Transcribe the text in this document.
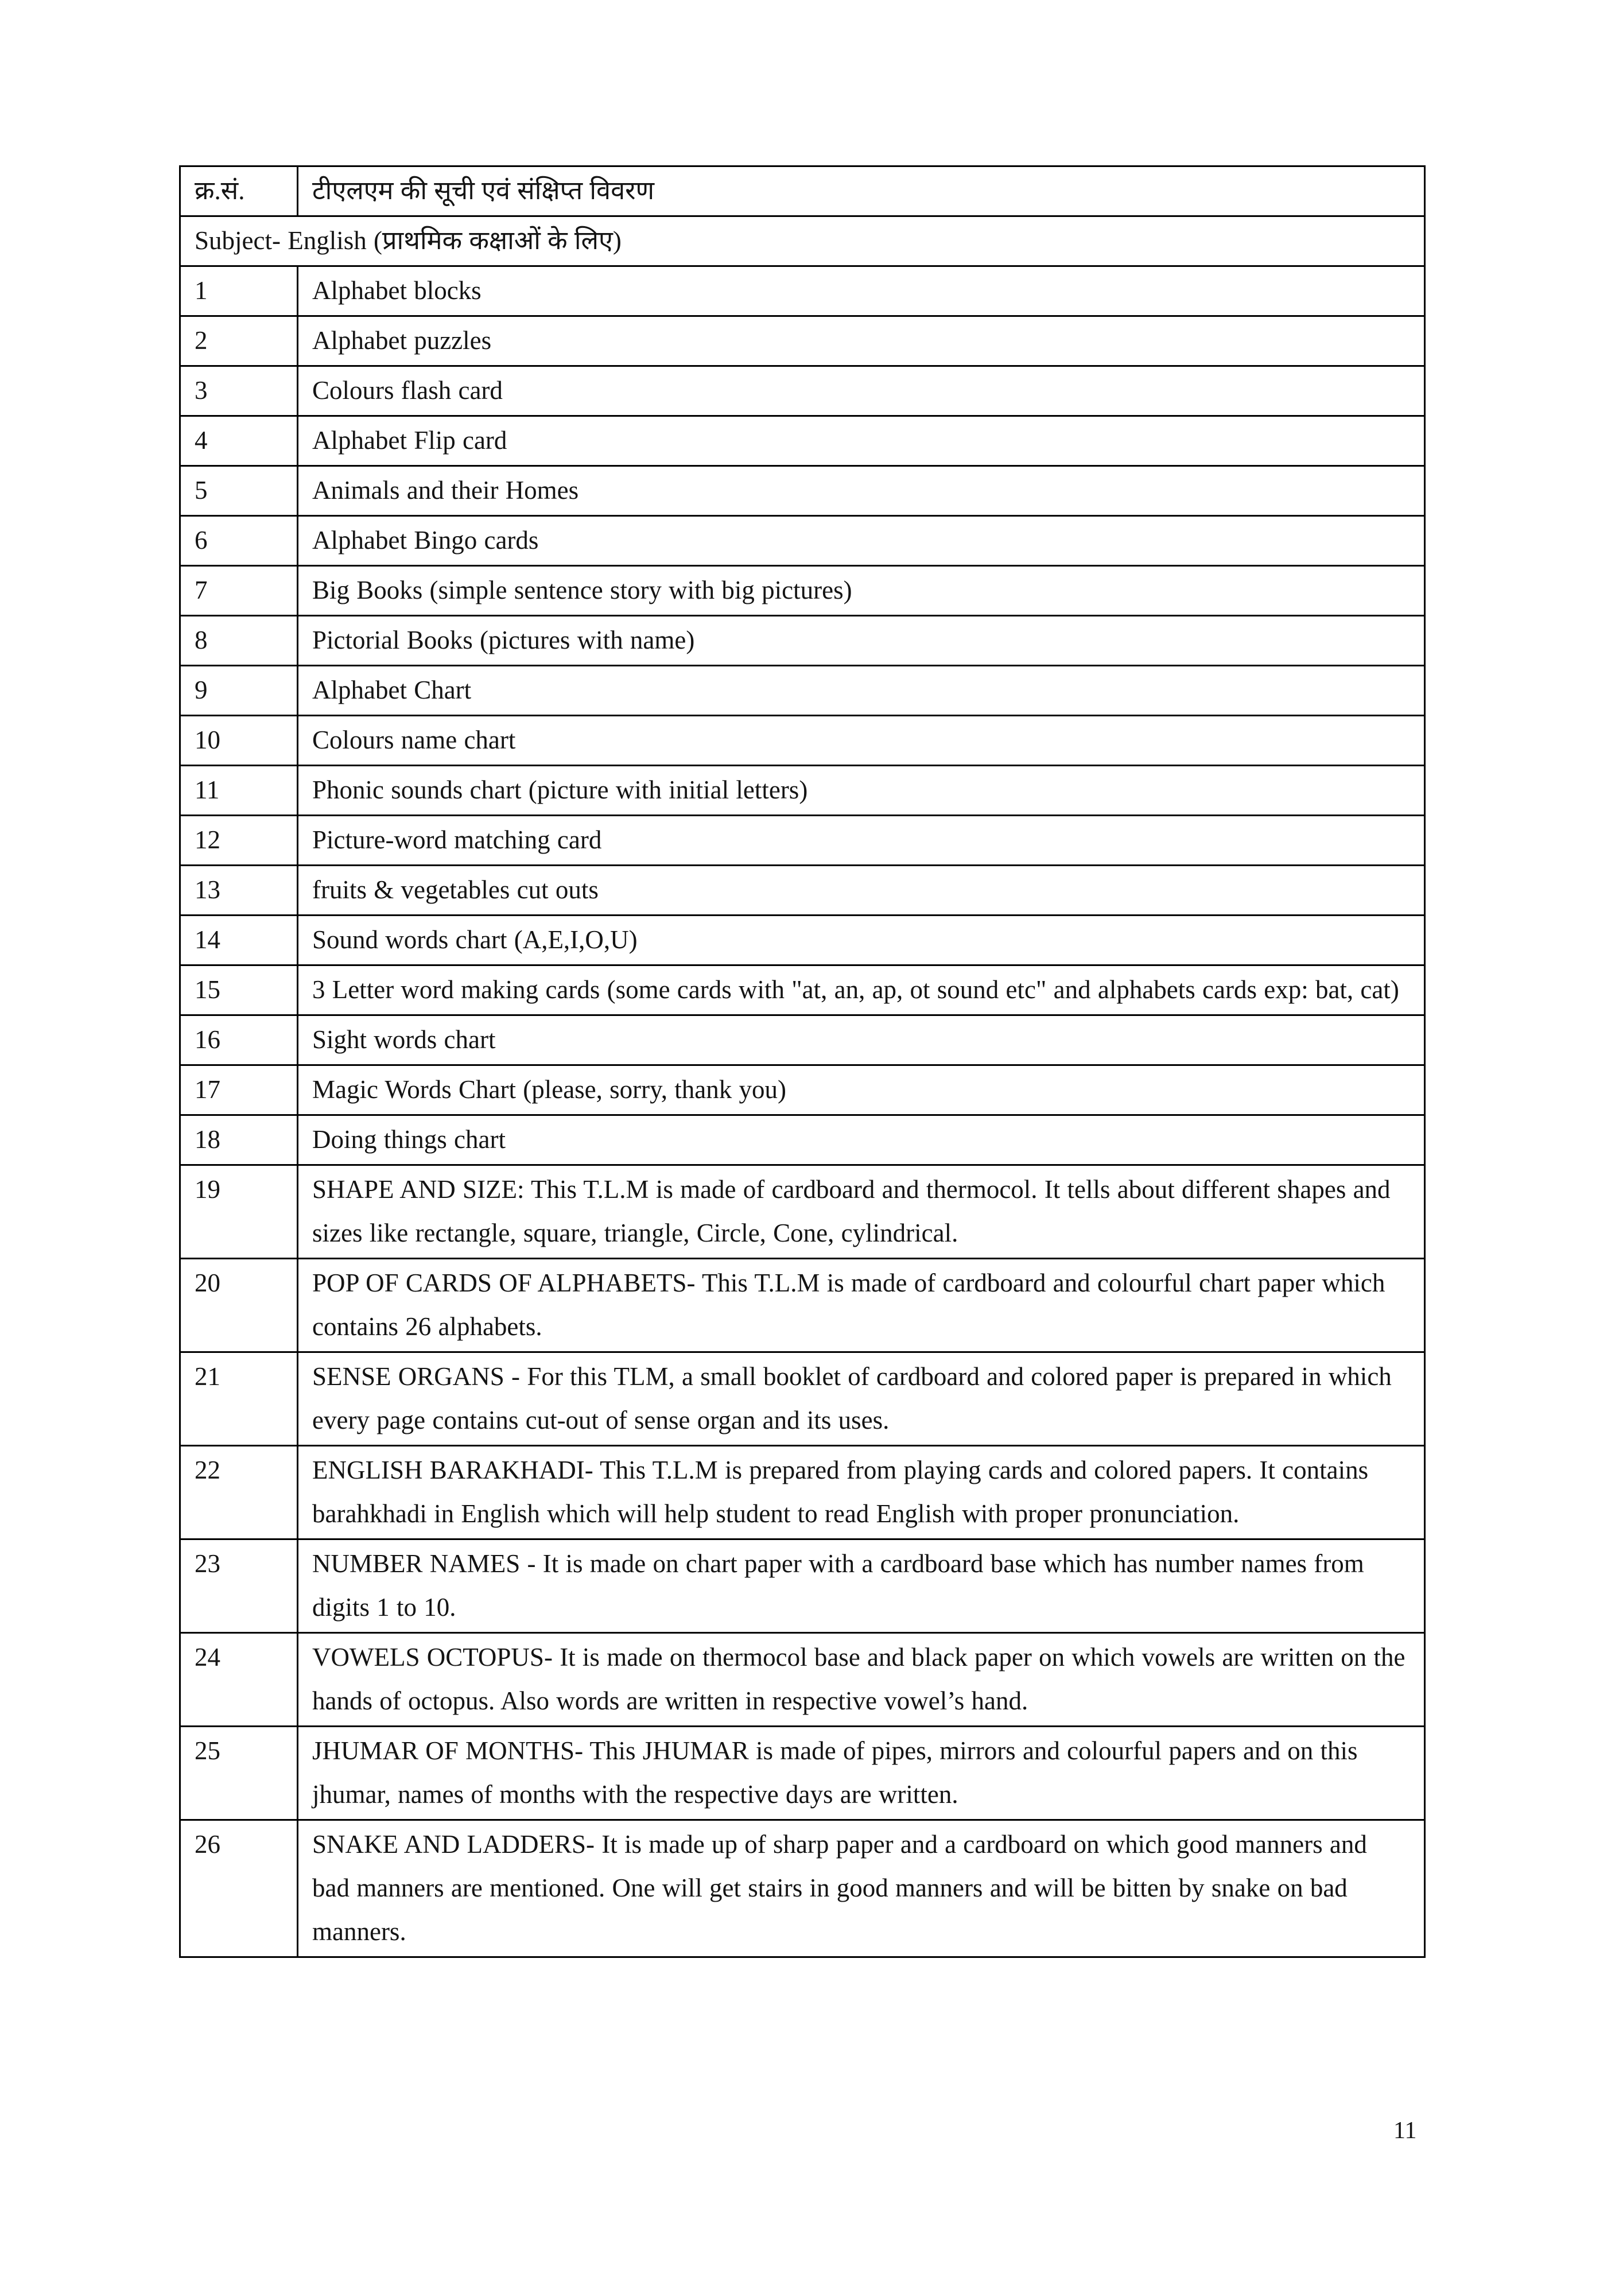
क्र.सं.	टीएलएम की सूची एवं संक्षिप्त विवरण
Subject- English (प्राथमिक कक्षाओं के लिए)	
1	Alphabet blocks
2	Alphabet puzzles
3	Colours flash card
4	Alphabet Flip card
5	Animals and their Homes
6	Alphabet Bingo cards
7	Big Books (simple sentence story with big pictures)
8	Pictorial Books (pictures with name)
9	Alphabet Chart
10	Colours name chart
11	Phonic sounds chart (picture with initial letters)
12	Picture-word matching card
13	fruits & vegetables cut outs
14	Sound words chart (A,E,I,O,U)
15	3 Letter word making cards (some cards with "at, an, ap, ot sound etc" and alphabets cards exp: bat, cat)
16	Sight words chart
17	Magic Words Chart (please, sorry, thank you)
18	Doing things chart
19	SHAPE AND SIZE: This T.L.M is made of cardboard and thermocol. It tells about different shapes and sizes like rectangle, square, triangle, Circle, Cone, cylindrical.
20	POP OF CARDS OF ALPHABETS- This T.L.M is made of cardboard and colourful chart paper which contains 26 alphabets.
21	SENSE ORGANS - For this TLM, a small booklet of cardboard and colored paper is prepared in which every page contains cut-out of sense organ and its uses.
22	ENGLISH BARAKHADI- This T.L.M is prepared from playing cards and colored papers. It contains barahkhadi in English which will help student to read English with proper pronunciation.
23	NUMBER NAMES - It is made on chart paper with a cardboard base which has number names from digits 1 to 10.
24	VOWELS OCTOPUS- It is made on thermocol base and black paper on which vowels are written on the hands of octopus. Also words are written in respective vowel’s hand.
25	JHUMAR OF MONTHS- This JHUMAR is made of pipes, mirrors and colourful papers and on this jhumar, names of months with the respective days are written.
26	SNAKE AND LADDERS- It is made up of sharp paper and a cardboard on which good manners and bad manners are mentioned. One will get stairs in good manners and will be bitten by snake on bad manners.
11
